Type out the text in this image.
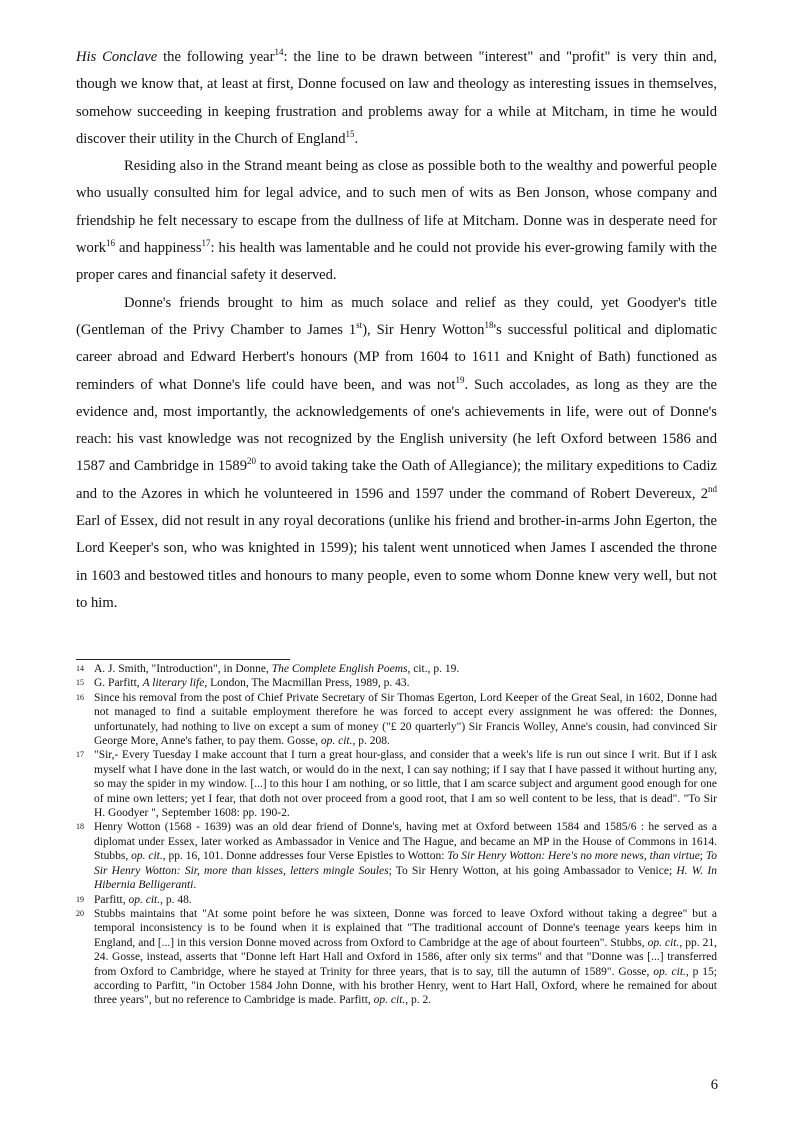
His Conclave the following year$^{14}$: the line to be drawn between "interest" and "profit" is very thin and, though we know that, at least at first, Donne focused on law and theology as interesting issues in themselves, somehow succeeding in keeping frustration and problems away for a while at Mitcham, in time he would discover their utility in the Church of England$^{15}$.

Residing also in the Strand meant being as close as possible both to the wealthy and powerful people who usually consulted him for legal advice, and to such men of wits as Ben Jonson, whose company and friendship he felt necessary to escape from the dullness of life at Mitcham. Donne was in desperate need for work$^{16}$ and happiness$^{17}$: his health was lamentable and he could not provide his ever-growing family with the proper cares and financial safety it deserved.

Donne's friends brought to him as much solace and relief as they could, yet Goodyer's title (Gentleman of the Privy Chamber to James 1st), Sir Henry Wotton$^{18}$'s successful political and diplomatic career abroad and Edward Herbert's honours (MP from 1604 to 1611 and Knight of Bath) functioned as reminders of what Donne's life could have been, and was not$^{19}$. Such accolades, as long as they are the evidence and, most importantly, the acknowledgements of one's achievements in life, were out of Donne's reach: his vast knowledge was not recognized by the English university (he left Oxford between 1586 and 1587 and Cambridge in 1589$^{20}$ to avoid taking take the Oath of Allegiance); the military expeditions to Cadiz and to the Azores in which he volunteered in 1596 and 1597 under the command of Robert Devereux, 2nd Earl of Essex, did not result in any royal decorations (unlike his friend and brother-in-arms John Egerton, the Lord Keeper's son, who was knighted in 1599); his talent went unnoticed when James I ascended the throne in 1603 and bestowed titles and honours to many people, even to some whom Donne knew very well, but not to him.

14 A. J. Smith, "Introduction", in Donne, The Complete English Poems, cit., p. 19.
15 G. Parfitt, A literary life, London, The Macmillan Press, 1989, p. 43.
16 Since his removal from the post of Chief Private Secretary of Sir Thomas Egerton, Lord Keeper of the Great Seal, in 1602, Donne had not managed to find a suitable employment therefore he was forced to accept every assignment he was offered: the Donnes, unfortunately, had nothing to live on except a sum of money ("£ 20 quarterly") Sir Francis Wolley, Anne's cousin, had convinced Sir George More, Anne's father, to pay them. Gosse, op. cit., p. 208.
17 "Sir,- Every Tuesday I make account that I turn a great hour-glass, and consider that a week's life is run out since I writ. But if I ask myself what I have done in the last watch, or would do in the next, I can say nothing; if I say that I have passed it without hurting any, so may the spider in my window. [...] to this hour I am nothing, or so little, that I am scarce subject and argument good enough for one of mine own letters; yet I fear, that doth not over proceed from a good root, that I am so well content to be less, that is dead". "To Sir H. Goodyer ", September 1608: pp. 190-2.
18 Henry Wotton (1568 - 1639) was an old dear friend of Donne's, having met at Oxford between 1584 and 1585/6 : he served as a diplomat under Essex, later worked as Ambassador in Venice and The Hague, and became an MP in the House of Commons in 1614. Stubbs, op. cit., pp. 16, 101. Donne addresses four Verse Epistles to Wotton: To Sir Henry Wotton: Here's no more news, than virtue; To Sir Henry Wotton: Sir, more than kisses, letters mingle Soules; To Sir Henry Wotton, at his going Ambassador to Venice; H. W. In Hibernia Belligeranti.
19 Parfitt, op. cit., p. 48.
20 Stubbs maintains that "At some point before he was sixteen, Donne was forced to leave Oxford without taking a degree" but a temporal inconsistency is to be found when it is explained that "The traditional account of Donne's teenage years keeps him in England, and [...] in this version Donne moved across from Oxford to Cambridge at the age of about fourteen". Stubbs, op. cit., pp. 21, 24. Gosse, instead, asserts that "Donne left Hart Hall and Oxford in 1586, after only six terms" and that "Donne was [...] transferred from Oxford to Cambridge, where he stayed at Trinity for three years, that is to say, till the autumn of 1589". Gosse, op. cit., p 15; according to Parfitt, "in October 1584 John Donne, with his brother Henry, went to Hart Hall, Oxford, where he remained for about three years", but no reference to Cambridge is made. Parfitt, op. cit., p. 2.
6
